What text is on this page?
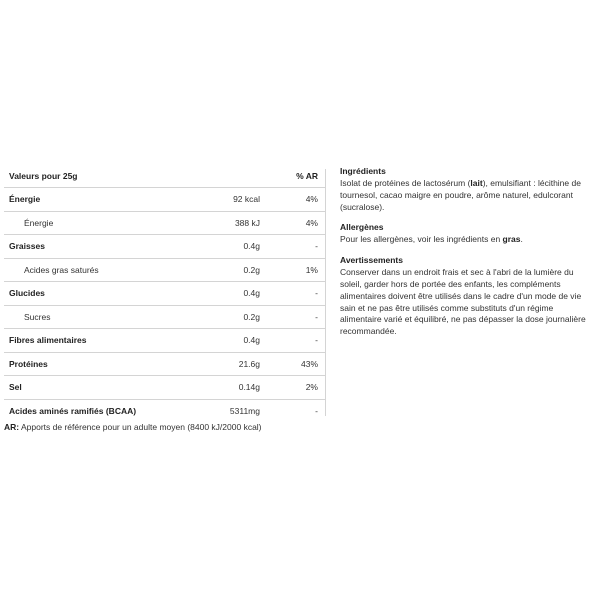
Valeurs pour 25g	% AR
Énergie	92 kcal	4%
Énergie	388 kJ	4%
Graisses	0.4g	-
Acides gras saturés	0.2g	1%
Glucides	0.4g	-
Sucres	0.2g	-
Fibres alimentaires	0.4g	-
Protéines	21.6g	43%
Sel	0.14g	2%
Acides aminés ramifiés (BCAA)	5311mg	-
AR: Apports de référence pour un adulte moyen (8400 kJ/2000 kcal)
Ingrédients

Isolat de protéines de lactosérum (lait), emulsifiant : lécithine de tournesol, cacao maigre en poudre, arôme naturel, edulcorant (sucralose).

Allergènes

Pour les allergènes, voir les ingrédients en gras.

Avertissements

Conserver dans un endroit frais et sec à l'abri de la lumière du soleil, garder hors de portée des enfants, les compléments alimentaires doivent être utilisés dans le cadre d'un mode de vie sain et ne pas être utilisés comme substituts d'un régime alimentaire varié et équilibré, ne pas dépasser la dose journalière recommandée.
